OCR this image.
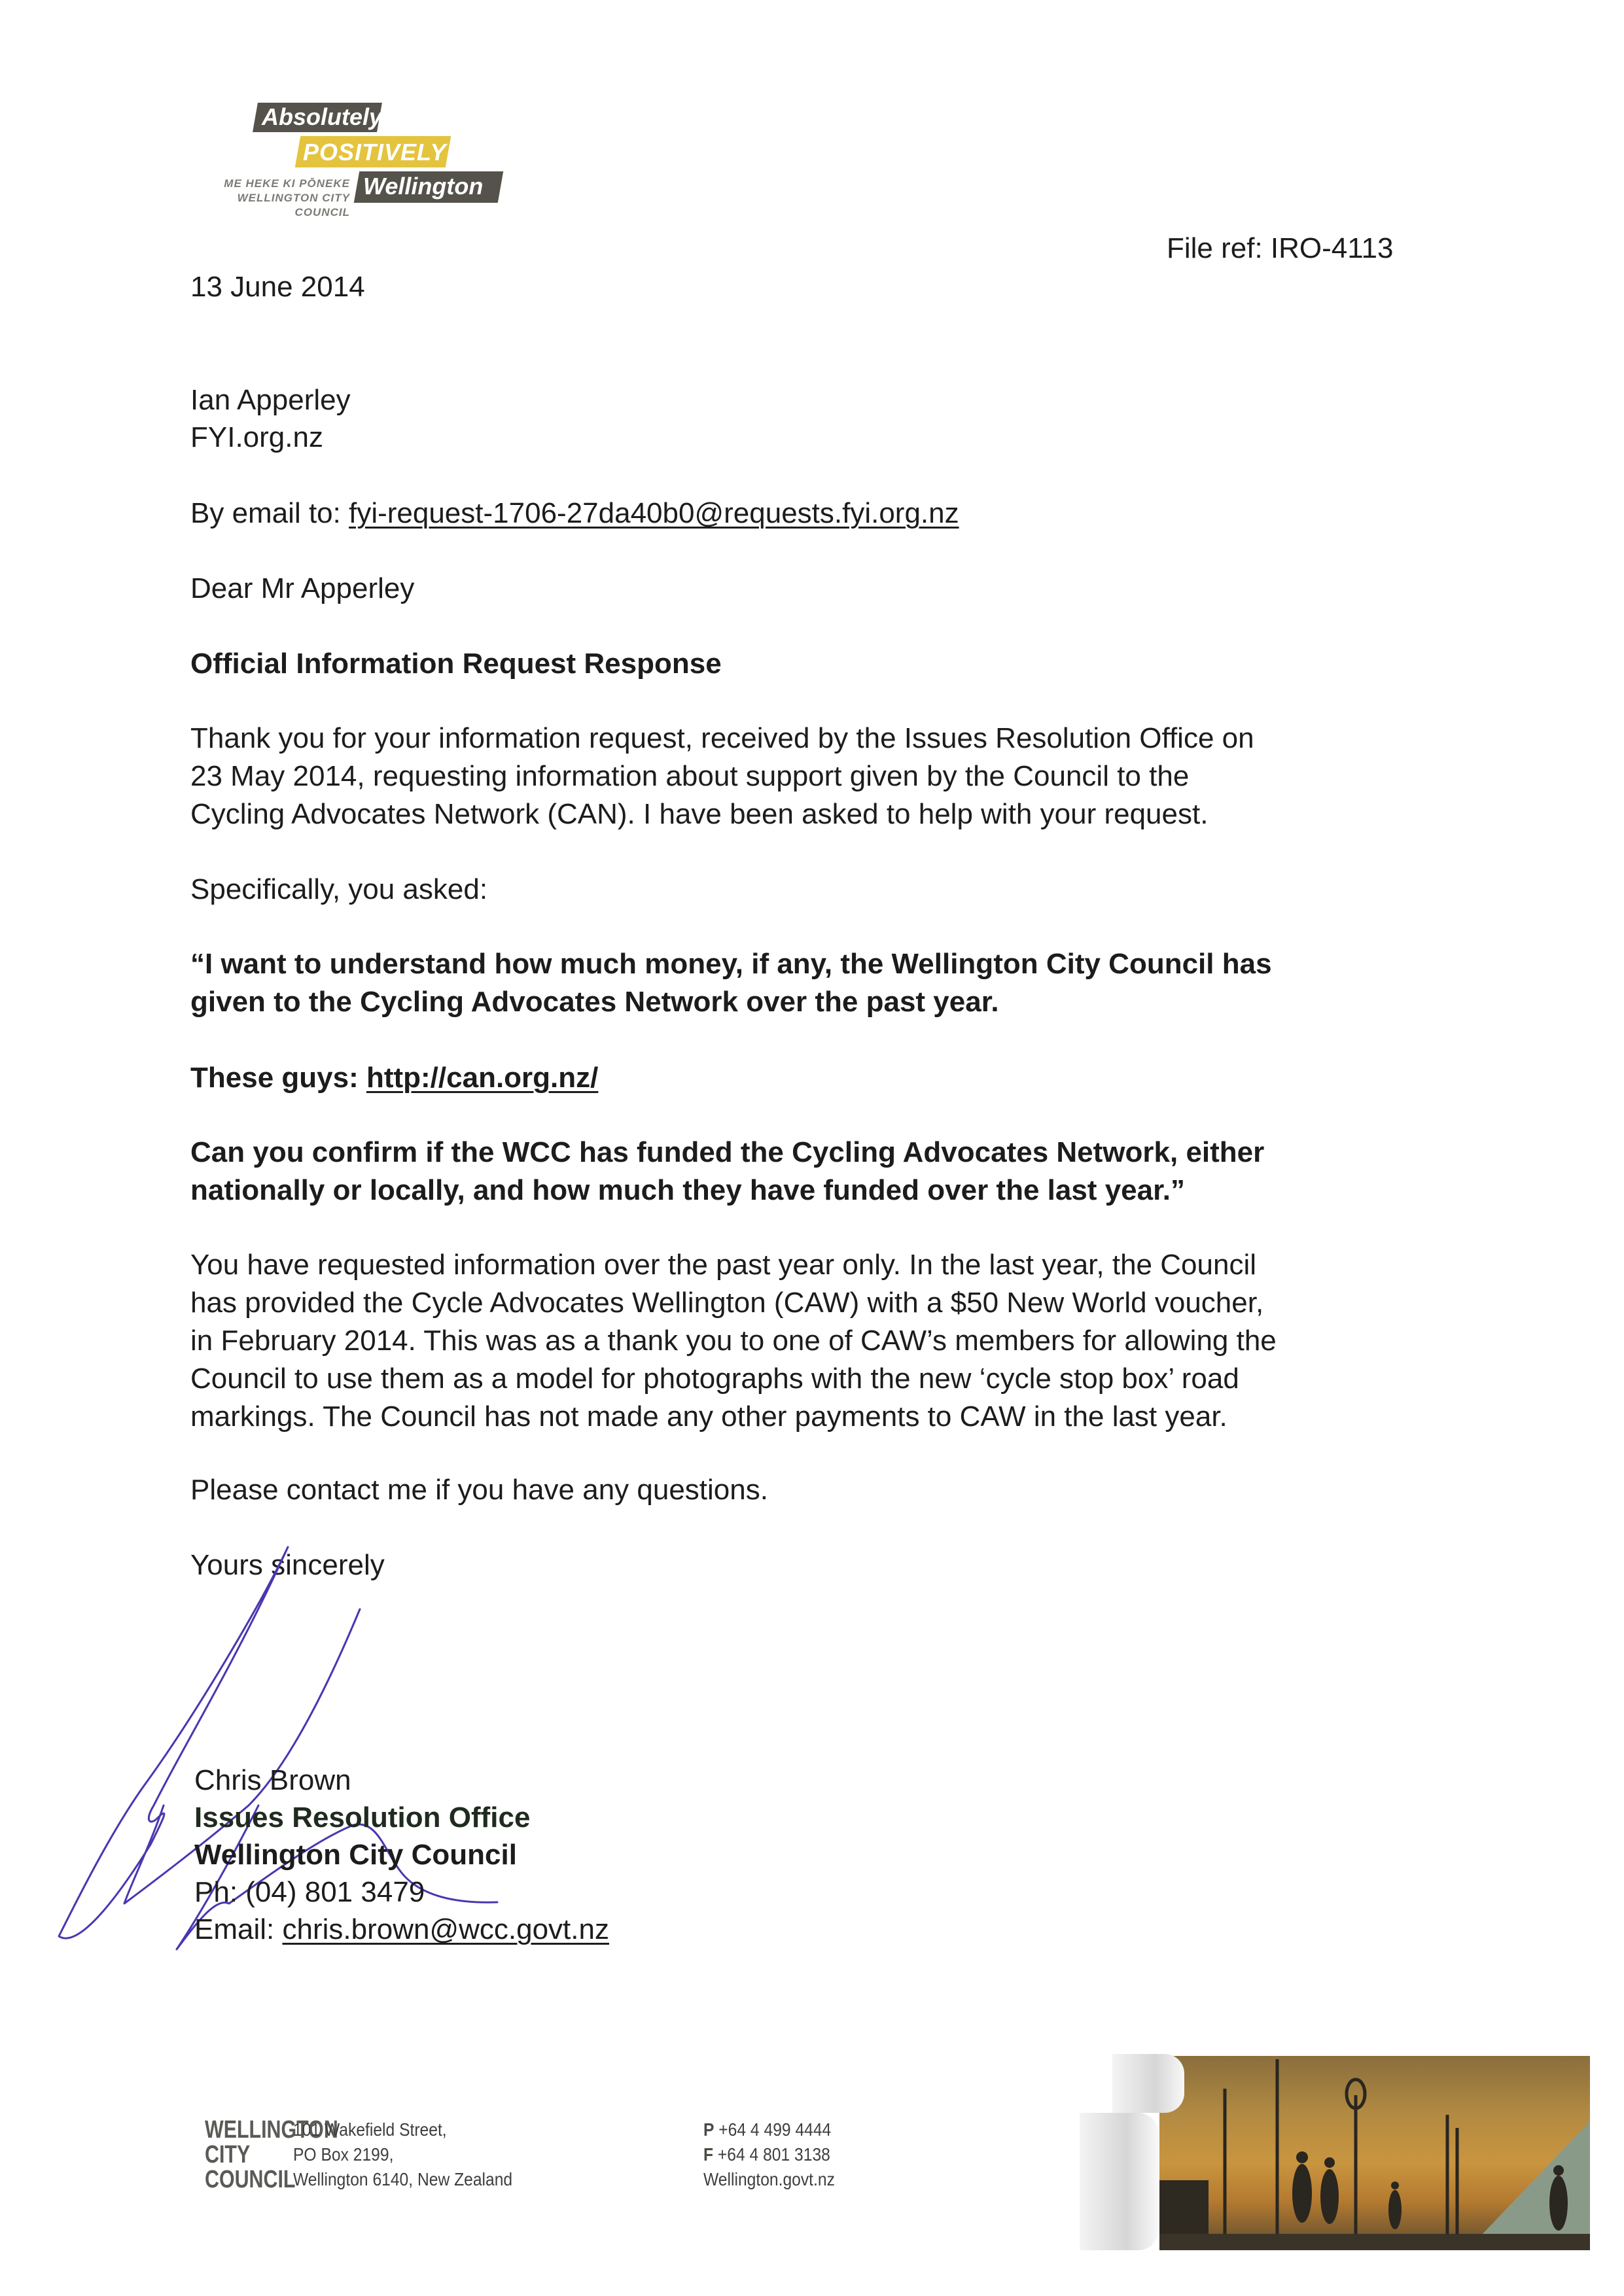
Absolutely
POSITIVELY
Wellington
ME HEKE KI PŌNEKE
WELLINGTON CITY COUNCIL
File ref: IRO-4113
13 June 2014
Ian Apperley
FYI.org.nz
By email to: fyi-request-1706-27da40b0@requests.fyi.org.nz
Dear Mr Apperley
Official Information Request Response
Thank you for your information request, received by the Issues Resolution Office on
23 May 2014, requesting information about support given by the Council to the
Cycling Advocates Network (CAN). I have been asked to help with your request.
Specifically, you asked:
“I want to understand how much money, if any, the Wellington City Council has
given to the Cycling Advocates Network over the past year.
These guys: http://can.org.nz/
Can you confirm if the WCC has funded the Cycling Advocates Network, either
nationally or locally, and how much they have funded over the last year.”
You have requested information over the past year only. In the last year, the Council
has provided the Cycle Advocates Wellington (CAW) with a $50 New World voucher,
in February 2014. This was as a thank you to one of CAW’s members for allowing the
Council to use them as a model for photographs with the new ‘cycle stop box’ road
markings. The Council has not made any other payments to CAW in the last year.
Please contact me if you have any questions.
Yours sincerely
Chris Brown
Issues Resolution Office
Wellington City Council
Ph: (04) 801 3479
Email: chris.brown@wcc.govt.nz
WELLINGTON
CITY
COUNCIL
101 Wakefield Street,
PO Box 2199,
Wellington 6140, New Zealand
P +64 4 499 4444
F +64 4 801 3138
Wellington.govt.nz
